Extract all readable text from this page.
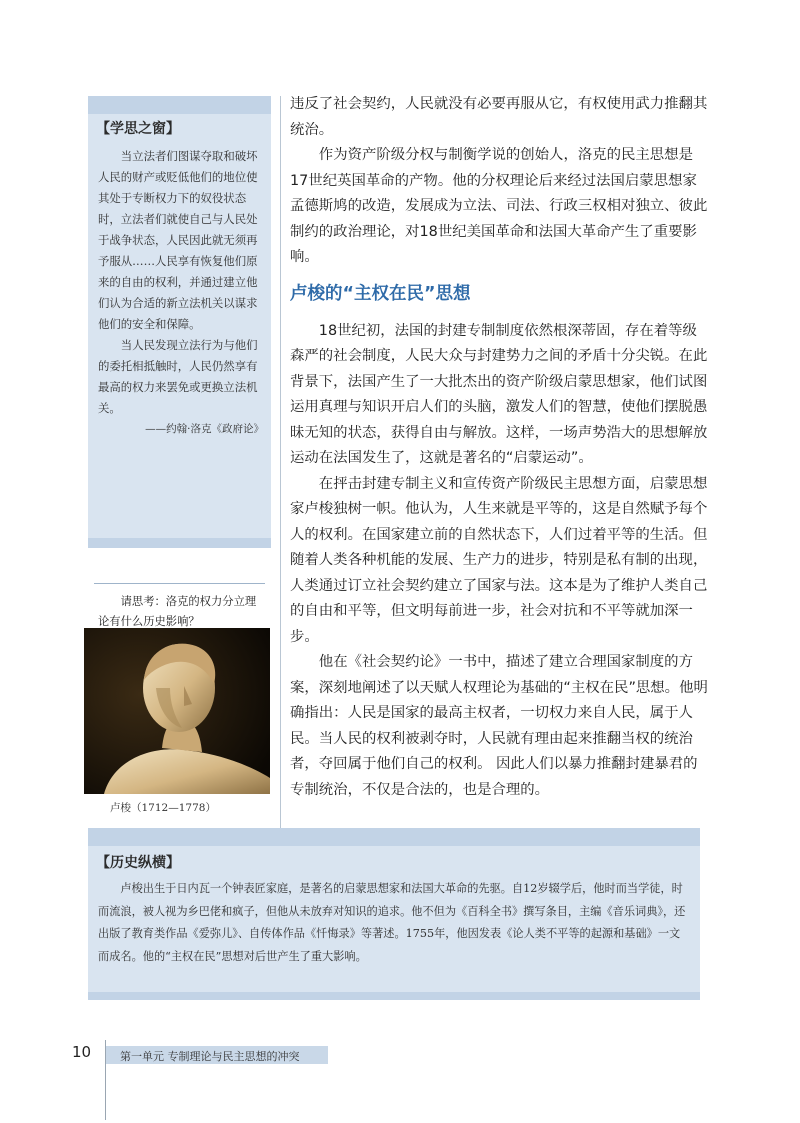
【学思之窗】

当立法者们图谋夺取和破坏人民的财产或贬低他们的地位使其处于专断权力下的奴役状态时，立法者们就使自己与人民处于战争状态，人民因此就无须再予服从……人民享有恢复他们原来的自由的权利，并通过建立他们认为合适的新立法机关以谋求他们的安全和保障。

当人民发现立法行为与他们的委托相抵触时，人民仍然享有最高的权力来罢免或更换立法机关。

——约翰·洛克《政府论》

请思考：洛克的权力分立理论有什么历史影响？
卢梭（1712—1778）

违反了社会契约，人民就没有必要再服从它，有权使用武力推翻其统治。

作为资产阶级分权与制衡学说的创始人，洛克的民主思想是17世纪英国革命的产物。他的分权理论后来经过法国启蒙思想家孟德斯鸠的改造，发展成为立法、司法、行政三权相对独立、彼此制约的政治理论，对18世纪美国革命和法国大革命产生了重要影响。

卢梭的“主权在民”思想

18世纪初，法国的封建专制制度依然根深蒂固，存在着等级森严的社会制度，人民大众与封建势力之间的矛盾十分尖锐。在此背景下，法国产生了一大批杰出的资产阶级启蒙思想家，他们试图运用真理与知识开启人们的头脑，激发人们的智慧，使他们摆脱愚昧无知的状态，获得自由与解放。这样，一场声势浩大的思想解放运动在法国发生了，这就是著名的“启蒙运动”。

在抨击封建专制主义和宣传资产阶级民主思想方面，启蒙思想家卢梭独树一帜。他认为，人生来就是平等的，这是自然赋予每个人的权利。在国家建立前的自然状态下，人们过着平等的生活。但随着人类各种机能的发展、生产力的进步，特别是私有制的出现，人类通过订立社会契约建立了国家与法。这本是为了维护人类自己的自由和平等，但文明每前进一步，社会对抗和不平等就加深一步。

他在《社会契约论》一书中，描述了建立合理国家制度的方案，深刻地阐述了以天赋人权理论为基础的“主权在民”思想。他明确指出：人民是国家的最高主权者，一切权力来自人民，属于人民。当人民的权利被剥夺时，人民就有理由起来推翻当权的统治者，夺回属于他们自己的权利。 因此人们以暴力推翻封建暴君的专制统治，不仅是合法的，也是合理的。

【历史纵横】

卢梭出生于日内瓦一个钟表匠家庭，是著名的启蒙思想家和法国大革命的先驱。自12岁辍学后，他时而当学徒，时而流浪，被人视为乡巴佬和疯子，但他从未放弃对知识的追求。他不但为《百科全书》撰写条目，主编《音乐词典》，还出版了教育类作品《爱弥儿》、自传体作品《忏悔录》等著述。1755年，他因发表《论人类不平等的起源和基础》一文而成名。他的“主权在民”思想对后世产生了重大影响。

10	第一单元 专制理论与民主思想的冲突
